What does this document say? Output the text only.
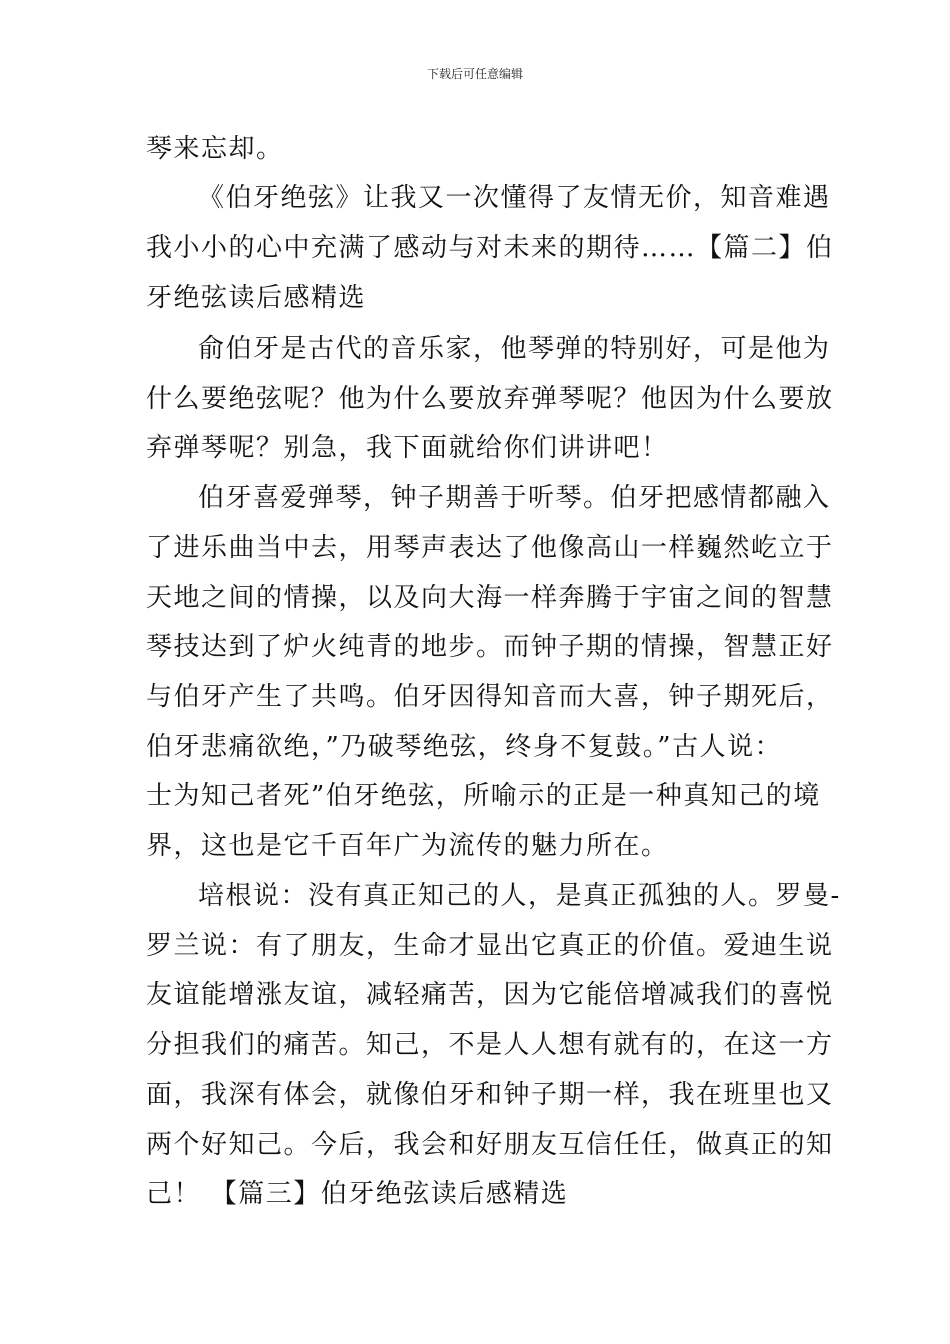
下载后可任意编辑
琴来忘却。
《伯牙绝弦》让我又一次懂得了友情无价，知音难遇
我小小的心中充满了感动与对未来的期待……【篇二】伯
牙绝弦读后感精选
俞伯牙是古代的音乐家，他琴弹的特别好，可是他为
什么要绝弦呢？他为什么要放弃弹琴呢？他因为什么要放
弃弹琴呢？别急，我下面就给你们讲讲吧！
伯牙喜爱弹琴，钟子期善于听琴。伯牙把感情都融入
了进乐曲当中去，用琴声表达了他像高山一样巍然屹立于
天地之间的情操，以及向大海一样奔腾于宇宙之间的智慧
琴技达到了炉火纯青的地步。而钟子期的情操，智慧正好
与伯牙产生了共鸣。伯牙因得知音而大喜，钟子期死后，
伯牙悲痛欲绝，”乃破琴绝弦，终身不复鼓。”古人说：
士为知己者死”伯牙绝弦，所喻示的正是一种真知己的境
界，这也是它千百年广为流传的魅力所在。
培根说：没有真正知己的人，是真正孤独的人。罗曼-
罗兰说：有了朋友，生命才显出它真正的价值。爱迪生说
友谊能增涨友谊，减轻痛苦，因为它能倍增减我们的喜悦
分担我们的痛苦。知己，不是人人想有就有的，在这一方
面，我深有体会，就像伯牙和钟子期一样，我在班里也又
两个好知己。今后，我会和好朋友互信任任，做真正的知
己！ 【篇三】伯牙绝弦读后感精选
